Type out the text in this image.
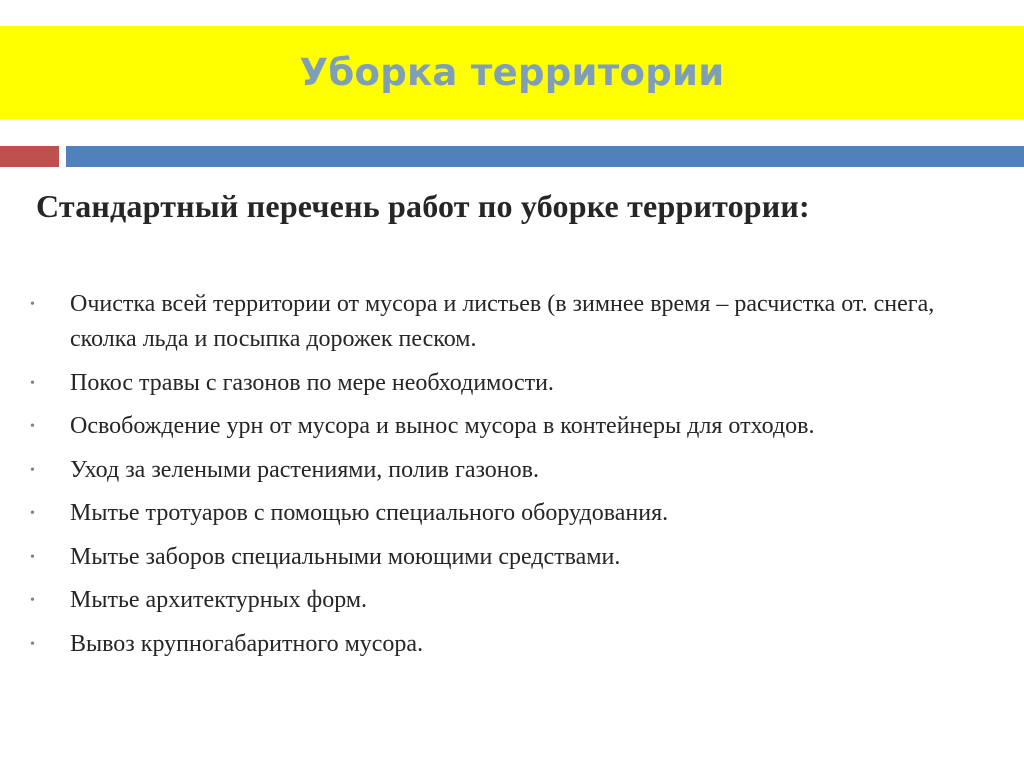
Уборка территории
Стандартный перечень работ по уборке территории:
• Очистка всей территории от мусора и листьев (в зимнее время – расчистка от. снега, сколка льда и посыпка дорожек песком.
• Покос травы с газонов по мере необходимости.
• Освобождение урн от мусора и вынос мусора в контейнеры для отходов.
• Уход за зелеными растениями, полив газонов.
• Мытье тротуаров с помощью специального оборудования.
• Мытье заборов специальными моющими средствами.
• Мытье архитектурных форм.
• Вывоз крупногабаритного мусора.
